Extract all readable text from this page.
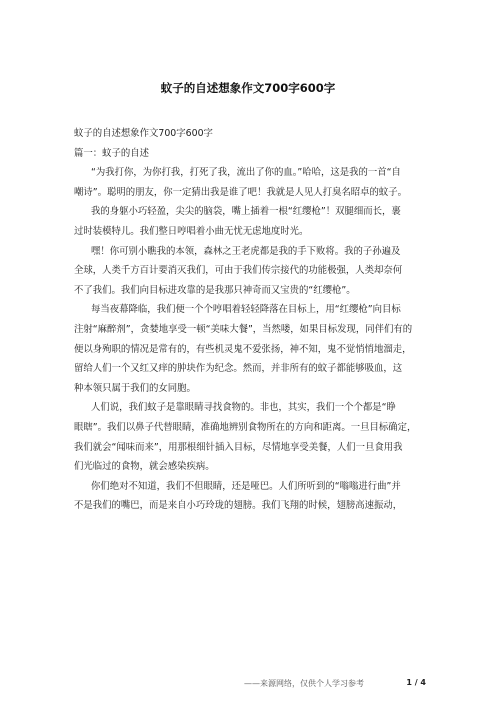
蚊子的自述想象作文700字600字
蚊子的自述想象作文700字600字
篇一：蚊子的自述
“为我打你，为你打我，打死了我，流出了你的血。”哈哈，这是我的一首“自
嘲诗”。聪明的朋友，你一定猜出我是谁了吧！我就是人见人打臭名昭卓的蚊子。
我的身躯小巧轻盈，尖尖的脑袋，嘴上插着一根“红缨枪”！双腿细而长，裹
过时装模特儿。我们整日哼唱着小曲无忧无虑地度时光。
嘿！你可别小瞧我的本领，森林之王老虎都是我的手下败将。我的子孙遍及
全球，人类千方百计要消灭我们，可由于我们传宗接代的功能极强，人类却奈何
不了我们。我们向目标进攻靠的是我那只神奇而又宝贵的“红缨枪”。
每当夜幕降临，我们便一个个哼唱着轻轻降落在目标上，用“红缨枪”向目标
注射“麻醉剂”，贪婪地享受一顿“美味大餐”，当然喽，如果目标发现，同伴们有的
便以身殉职的情况是常有的，有些机灵鬼不爱张扬，神不知，鬼不觉悄悄地溜走，
留给人们一个又红又痒的肿块作为纪念。然而，并非所有的蚊子都能够吸血，这
种本领只属于我们的女同胞。
人们说，我们蚊子是靠眼睛寻找食物的。非也，其实，我们一个个都是“睁
眼瞎”。我们以鼻子代替眼睛，准确地辨别食物所在的方向和距离。一旦目标确定，
我们就会“闻味而来”，用那根细针插入目标，尽情地享受美餐，人们一旦食用我
们光临过的食物，就会感染疾病。
你们绝对不知道，我们不但眼睛，还是哑巴。人们所听到的“嗡嗡进行曲”并
不是我们的嘴巴，而是来自小巧玲珑的翅膀。我们飞翔的时候，翅膀高速振动，
——来源网络，仅供个人学习参考	1 / 4
